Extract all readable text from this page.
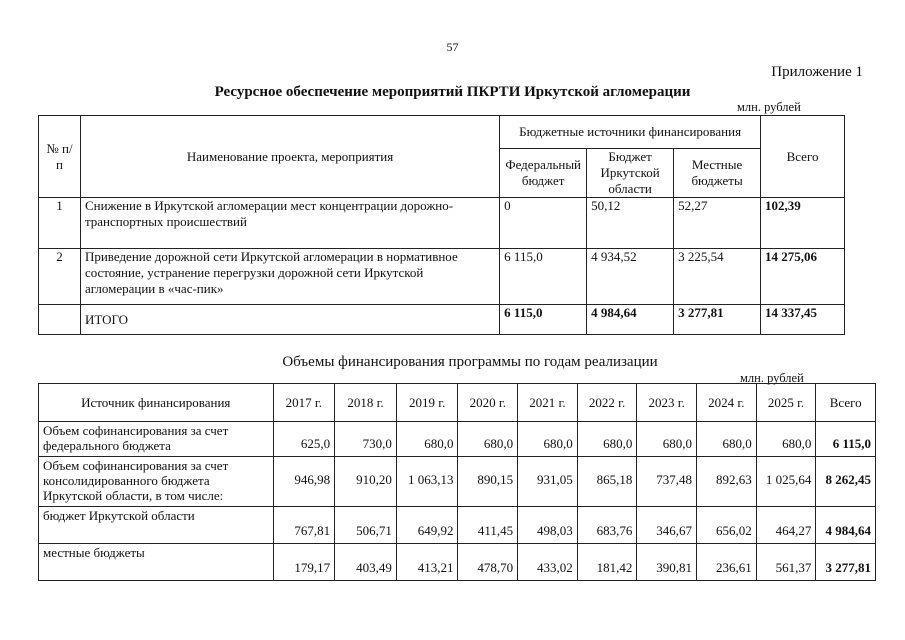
57
Приложение 1
Ресурсное обеспечение мероприятий ПКРТИ Иркутской агломерации
млн. рублей
№ п/п	Наименование проекта, мероприятия	Бюджетные источники финансирования			Всего
		Федеральный бюджет	Бюджет Иркутской области	Местные бюджеты	
1	Снижение в Иркутской агломерации мест концентрации дорожно-транспортных происшествий	0	50,12	52,27	102,39
2	Приведение дорожной сети Иркутской агломерации в нормативное состояние, устранение перегрузки дорожной сети Иркутской агломерации в «час-пик»	6 115,0	4 934,52	3 225,54	14 275,06
	ИТОГО	6 115,0	4 984,64	3 277,81	14 337,45
Объемы финансирования программы по годам реализации
млн. рублей
Источник финансирования	2017 г.	2018 г.	2019 г.	2020 г.	2021 г.	2022 г.	2023 г.	2024 г.	2025 г.	Всего
Объем софинансирования за счет федерального бюджета	625,0	730,0	680,0	680,0	680,0	680,0	680,0	680,0	680,0	6 115,0
Объем софинансирования за счет консолидированного бюджета Иркутской области, в том числе:	946,98	910,20	1 063,13	890,15	931,05	865,18	737,48	892,63	1 025,64	8 262,45
бюджет Иркутской области	767,81	506,71	649,92	411,45	498,03	683,76	346,67	656,02	464,27	4 984,64
местные бюджеты	179,17	403,49	413,21	478,70	433,02	181,42	390,81	236,61	561,37	3 277,81
